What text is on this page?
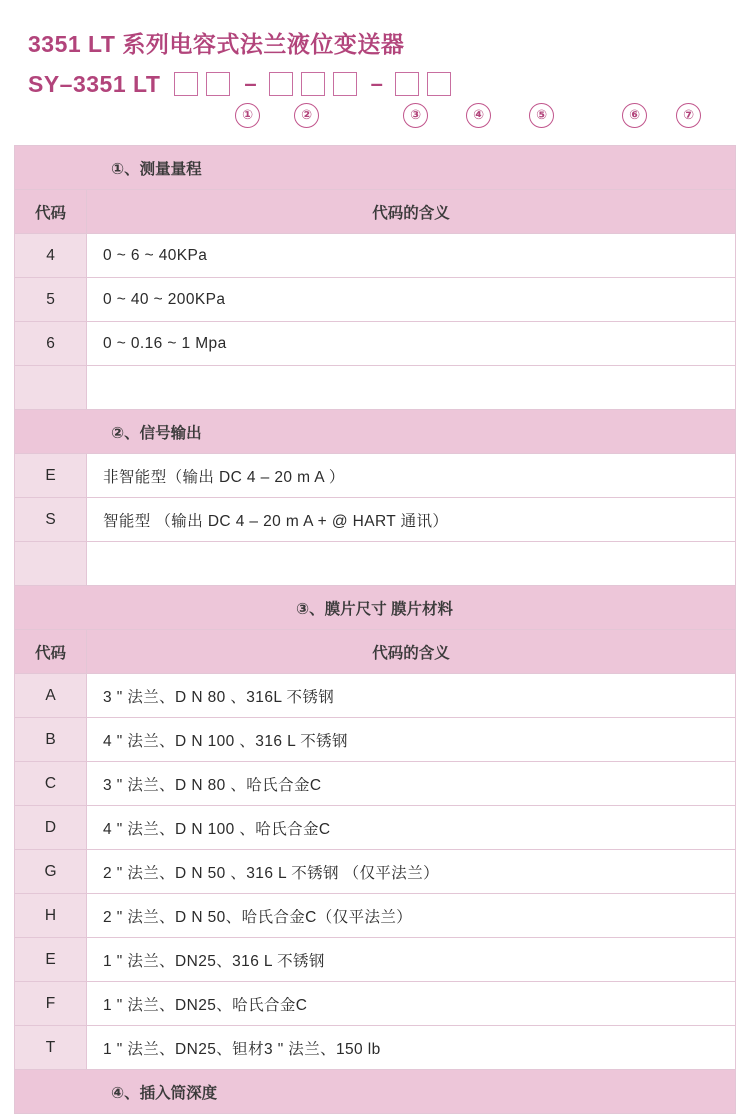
3351 LT 系列电容式法兰液位变送器
SY–3351 LT	–	–
①	②	③	④	⑤	⑥	⑦
①、测量量程	

代码	代码的含义
4	0 ~ 6 ~ 40KPa
5	0 ~ 40 ~ 200KPa
6	0 ~ 0.16 ~ 1 Mpa

②、信号输出	

E	非智能型（输出 DC 4 – 20 m A ）
S	智能型 （输出 DC 4 – 20 m A + @ HART 通讯）

③、膜片尺寸 膜片材料	

代码	代码的含义
A	3 " 法兰、D N 80 、316L 不锈钢
B	4 " 法兰、D N 100 、316 L 不锈钢
C	3 " 法兰、D N 80 、哈氏合金C
D	4 " 法兰、D N 100 、哈氏合金C
G	2 " 法兰、D N 50 、316 L 不锈钢 （仅平法兰）
H	2 " 法兰、D N 50、哈氏合金C（仅平法兰）
E	1 " 法兰、DN25、316 L 不锈钢
F	1 " 法兰、DN25、哈氏合金C
T	1 " 法兰、DN25、钽材3 " 法兰、150 lb

④、插入筒深度	
